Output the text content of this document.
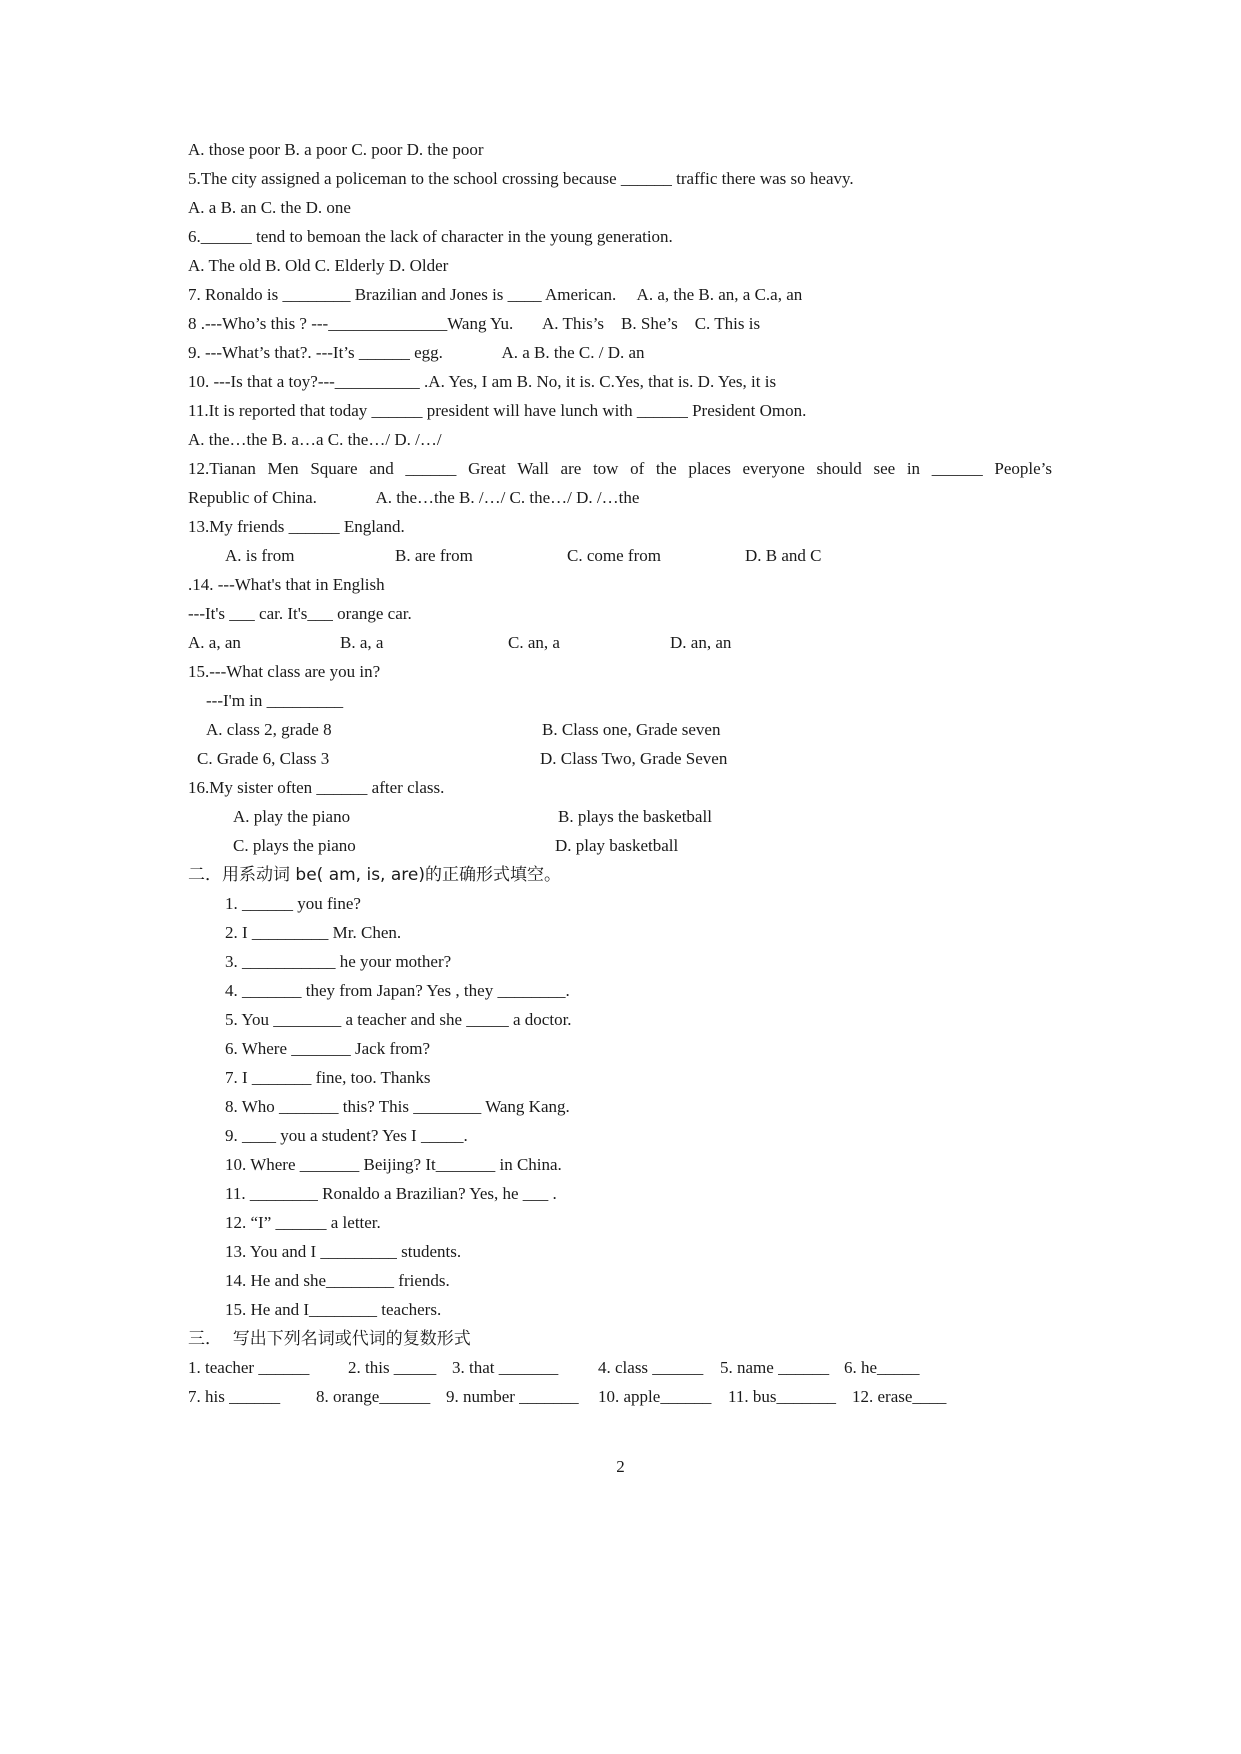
A. those poor B. a poor C. poor D. the poor
5.The city assigned a policeman to the school crossing because ______ traffic there was so heavy.
A. a B. an C. the D. one
6.______ tend to bemoan the lack of character in the young generation.
A. The old B. Old C. Elderly D. Older
7. Ronaldo is ________ Brazilian and Jones is ____ American.     A. a, the B. an, a C.a, an
8 .---Who’s this ? ---______________Wang Yu.       A. This’s    B. She’s    C. This is
9. ---What’s that?. ---It’s ______ egg.              A. a B. the C. / D. an
10. ---Is that a toy?---__________ .A. Yes, I am B. No, it is. C.Yes, that is. D. Yes, it is
11.It is reported that today ______ president will have lunch with ______ President Omon.
A. the…the B. a…a C. the…/ D. /…/
12.Tianan Men Square and ______ Great Wall are tow of the places everyone should see in ______ People’s
Republic of China.              A. the…the B. /…/ C. the…/ D. /…the
13.My friends ______ England.
A. is from	B. are from	C. come from	D. B and C
.14. ---What's that in English
---It's ___ car. It's___ orange car.
A. a, an	B. a, a	C. an, a	D. an, an
15.---What class are you in?
---I'm in _________
A. class 2, grade 8	B. Class one, Grade seven
C. Grade 6, Class 3	D. Class Two, Grade Seven
16.My sister often ______ after class.
A. play the piano	B. plays the basketball
C. plays the piano	D. play basketball
二．用系动词 be( am, is, are)的正确形式填空。
1. ______ you fine?
2. I _________ Mr. Chen.
3. ___________ he your mother?
4. _______ they from Japan? Yes , they ________.
5. You ________ a teacher and she _____ a doctor.
6. Where _______ Jack from?
7. I _______ fine, too. Thanks
8. Who _______ this? This ________ Wang Kang.
9. ____ you a student? Yes I _____.
10. Where _______ Beijing? It_______ in China.
11. ________ Ronaldo a Brazilian? Yes, he ___ .
12. “I” ______ a letter.
13. You and I _________ students.
14. He and she________ friends.
15. He and I________ teachers.
三．  写出下列名词或代词的复数形式
1. teacher ______	2. this _____ 3. that _______	4. class ______ 5. name ______ 6. he_____
7. his ______	8. orange______ 9. number _______	10. apple______ 11. bus_______ 12. erase____
2
